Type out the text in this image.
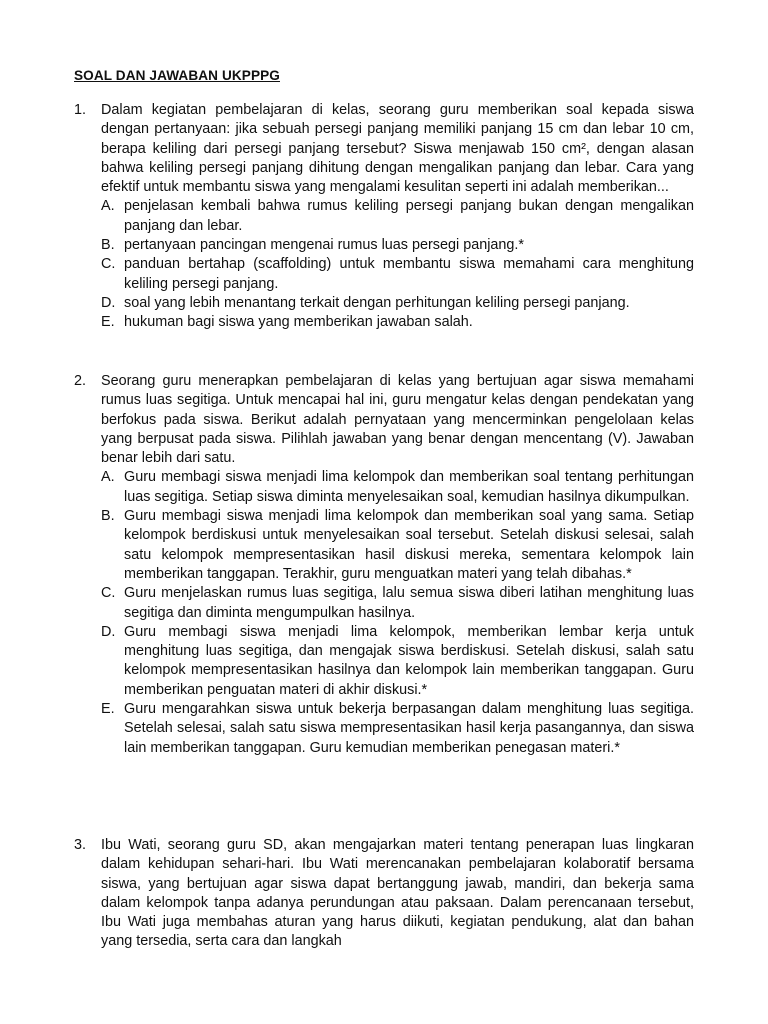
SOAL DAN JAWABAN UKPPPG
1.	Dalam kegiatan pembelajaran di kelas, seorang guru memberikan soal kepada siswa dengan pertanyaan: jika sebuah persegi panjang memiliki panjang 15 cm dan lebar 10 cm, berapa keliling dari persegi panjang tersebut? Siswa menjawab 150 cm², dengan alasan bahwa keliling persegi panjang dihitung dengan mengalikan panjang dan lebar. Cara yang efektif untuk membantu siswa yang mengalami kesulitan seperti ini adalah memberikan...

A. penjelasan kembali bahwa rumus keliling persegi panjang bukan dengan mengalikan panjang dan lebar.
B. pertanyaan pancingan mengenai rumus luas persegi panjang.*
C. panduan bertahap (scaffolding) untuk membantu siswa memahami cara menghitung keliling persegi panjang.
D. soal yang lebih menantang terkait dengan perhitungan keliling persegi panjang.
E. hukuman bagi siswa yang memberikan jawaban salah.
2.	Seorang guru menerapkan pembelajaran di kelas yang bertujuan agar siswa memahami rumus luas segitiga. Untuk mencapai hal ini, guru mengatur kelas dengan pendekatan yang berfokus pada siswa. Berikut adalah pernyataan yang mencerminkan pengelolaan kelas yang berpusat pada siswa. Pilihlah jawaban yang benar dengan mencentang (V). Jawaban benar lebih dari satu.

A. Guru membagi siswa menjadi lima kelompok dan memberikan soal tentang perhitungan luas segitiga. Setiap siswa diminta menyelesaikan soal, kemudian hasilnya dikumpulkan.
B. Guru membagi siswa menjadi lima kelompok dan memberikan soal yang sama. Setiap kelompok berdiskusi untuk menyelesaikan soal tersebut. Setelah diskusi selesai, salah satu kelompok mempresentasikan hasil diskusi mereka, sementara kelompok lain memberikan tanggapan. Terakhir, guru menguatkan materi yang telah dibahas.*
C. Guru menjelaskan rumus luas segitiga, lalu semua siswa diberi latihan menghitung luas segitiga dan diminta mengumpulkan hasilnya.
D. Guru membagi siswa menjadi lima kelompok, memberikan lembar kerja untuk menghitung luas segitiga, dan mengajak siswa berdiskusi. Setelah diskusi, salah satu kelompok mempresentasikan hasilnya dan kelompok lain memberikan tanggapan. Guru memberikan penguatan materi di akhir diskusi.*
E. Guru mengarahkan siswa untuk bekerja berpasangan dalam menghitung luas segitiga. Setelah selesai, salah satu siswa mempresentasikan hasil kerja pasangannya, dan siswa lain memberikan tanggapan. Guru kemudian memberikan penegasan materi.*
3.	Ibu Wati, seorang guru SD, akan mengajarkan materi tentang penerapan luas lingkaran dalam kehidupan sehari-hari. Ibu Wati merencanakan pembelajaran kolaboratif bersama siswa, yang bertujuan agar siswa dapat bertanggung jawab, mandiri, dan bekerja sama dalam kelompok tanpa adanya perundungan atau paksaan. Dalam perencanaan tersebut, Ibu Wati juga membahas aturan yang harus diikuti, kegiatan pendukung, alat dan bahan yang tersedia, serta cara dan langkah
